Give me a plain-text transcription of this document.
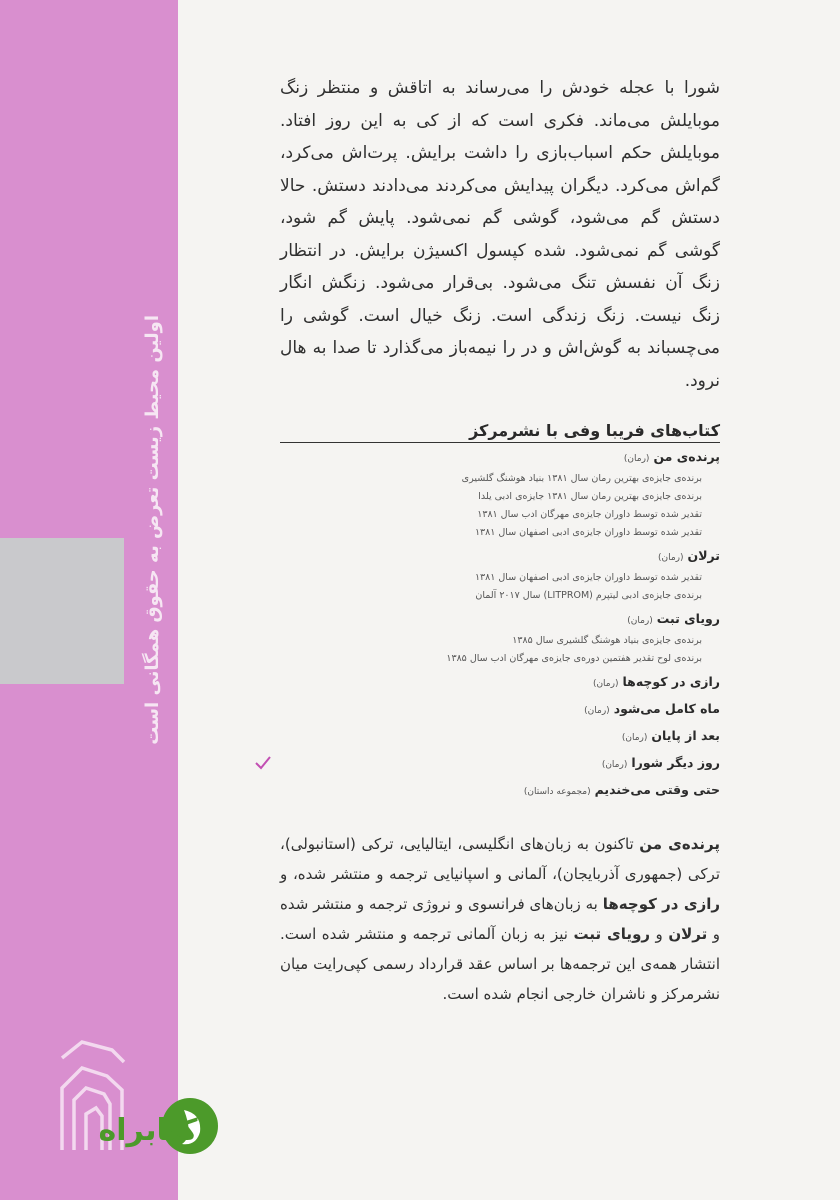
اولین محیط زیست تعرض به حقوق همگانی است
کتابراه

شورا با عجله خودش را می‌رساند به اتاقش و منتظر زنگ موبایلش می‌ماند. فکری است که از کی به این روز افتاد. موبایلش حکم اسباب‌بازی را داشت برایش. پرت‌اش می‌کرد، گم‌اش می‌کرد. دیگران پیدایش می‌کردند می‌دادند دستش. حالا دستش گم می‌شود، گوشی گم نمی‌شود. پایش گم شود، گوشی گم نمی‌شود. شده کپسول اکسیژن برایش. در انتظار زنگ آن نفسش تنگ می‌شود. بی‌قرار می‌شود. زنگش انگار زنگ نیست. زنگ زندگی است. زنگ خیال است. گوشی را می‌چسباند به گوش‌اش و در را نیمه‌باز می‌گذارد تا صدا به هال نرود.

کتاب‌های فریبا وفی با نشرمرکز
پرنده‌ی من(رمان)
برنده‌ی جایزه‌ی بهترین رمان سال ۱۳۸۱ بنیاد هوشنگ گلشیری
برنده‌ی جایزه‌ی بهترین رمان سال ۱۳۸۱ جایزه‌ی ادبی یلدا
تقدیر شده توسط داوران جایزه‌ی مهرگان ادب سال ۱۳۸۱
تقدیر شده توسط داوران جایزه‌ی ادبی اصفهان سال ۱۳۸۱
ترلان(رمان)
تقدیر شده توسط داوران جایزه‌ی ادبی اصفهان سال ۱۳۸۱
برنده‌ی جایزه‌ی ادبی لیتپرم (LITPROM) سال ۲۰۱۷ آلمان
رویای تبت(رمان)
برنده‌ی جایزه‌ی بنیاد هوشنگ گلشیری سال ۱۳۸۵
برنده‌ی لوح تقدیر هفتمین دوره‌ی جایزه‌ی مهرگان ادب سال ۱۳۸۵
رازی در کوچه‌ها(رمان)
ماه کامل می‌شود(رمان)
بعد از پایان(رمان)
روز دیگر شورا(رمان)
حتی وقتی می‌خندیم(مجموعه داستان)

پرنده‌ی من تاکنون به زبان‌های انگلیسی، ایتالیایی، ترکی (استانبولی)، ترکی (جمهوری آذربایجان)، آلمانی و اسپانیایی ترجمه و منتشر شده، و رازی در کوچه‌ها به زبان‌های فرانسوی و نروژی ترجمه و منتشر شده و ترلان و رویای تبت نیز به زبان آلمانی ترجمه و منتشر شده است. انتشار همه‌ی این ترجمه‌ها بر اساس عقد قرارداد رسمی کپی‌رایت میان نشرمرکز و ناشران خارجی انجام شده است.
